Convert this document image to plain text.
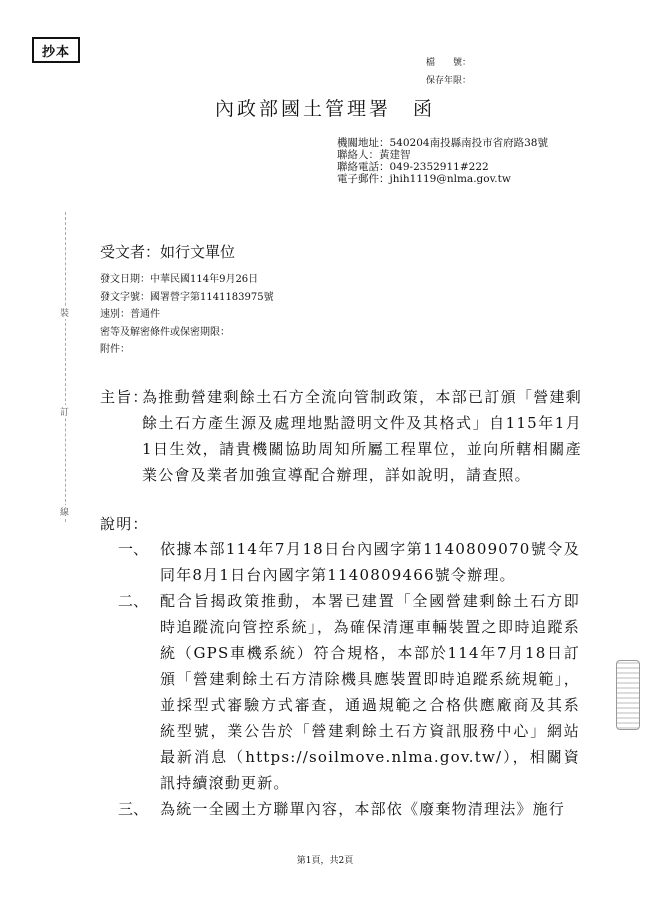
抄本
檔　　號：
保存年限：
內政部國土管理署　函
機關地址：540204南投縣南投市省府路38號
聯絡人：黃建智
聯絡電話：049-2352911#222
電子郵件：jhih1119@nlma.gov.tw
裝
訂
線
受文者：如行文單位
發文日期：中華民國114年9月26日
發文字號：國署營字第1141183975號
速別：普通件
密等及解密條件或保密期限：
附件：
主旨：
為推動營建剩餘土石方全流向管制政策，本部已訂頒「營建剩餘土石方產生源及處理地點證明文件及其格式」自115年1月1日生效，請貴機關協助周知所屬工程單位，並向所轄相關產業公會及業者加強宣導配合辦理，詳如說明，請查照。
說明：
一、 依據本部114年7月18日台內國字第1140809070號令及同年8月1日台內國字第1140809466號令辦理。
二、 配合旨揭政策推動，本署已建置「全國營建剩餘土石方即時追蹤流向管控系統」，為確保清運車輛裝置之即時追蹤系統（GPS車機系統）符合規格，本部於114年7月18日訂頒「營建剩餘土石方清除機具應裝置即時追蹤系統規範」，並採型式審驗方式審查，通過規範之合格供應廠商及其系統型號，業公告於「營建剩餘土石方資訊服務中心」網站最新消息（https://soilmove.nlma.gov.tw/），相關資訊持續滾動更新。
三、 為統一全國土方聯單內容，本部依《廢棄物清理法》施行
第1頁，共2頁
